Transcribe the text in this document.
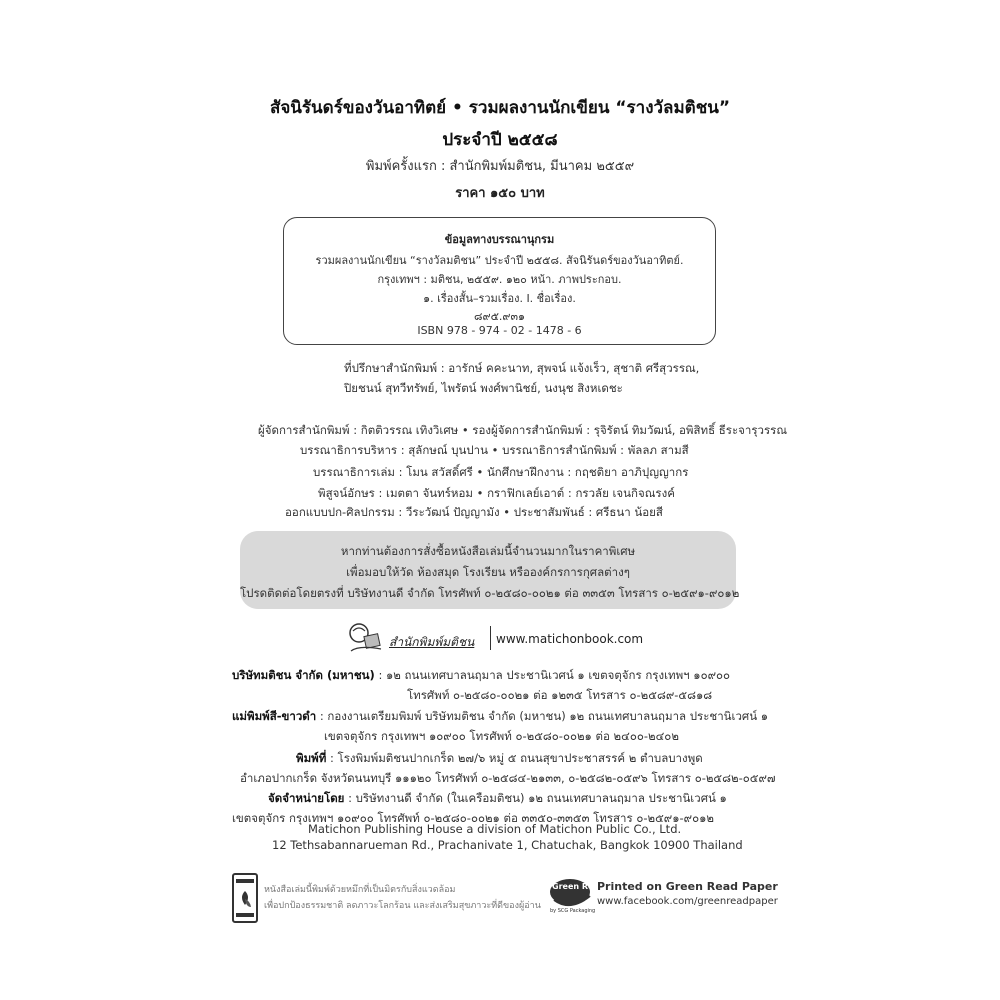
สัจนิรันดร์ของวันอาทิตย์ • รวมผลงานนักเขียน “รางวัลมติชน”
ประจำปี ๒๕๕๘
พิมพ์ครั้งแรก : สำนักพิมพ์มติชน, มีนาคม ๒๕๕๙
ราคา ๑๕๐ บาท
ข้อมูลทางบรรณานุกรม
รวมผลงานนักเขียน “รางวัลมติชน” ประจำปี ๒๕๕๘. สัจนิรันดร์ของวันอาทิตย์.
กรุงเทพฯ : มติชน, ๒๕๕๙. ๑๒๐ หน้า. ภาพประกอบ.
๑. เรื่องสั้น–รวมเรื่อง. I. ชื่อเรื่อง.
๘๙๕.๙๓๑
ISBN 978 - 974 - 02 - 1478 - 6
ที่ปรึกษาสำนักพิมพ์ : อารักษ์ คคะนาท, สุพจน์ แจ้งเร็ว, สุชาติ ศรีสุวรรณ,
ปิยชนน์ สุทวีทรัพย์, ไพรัตน์ พงศ์พานิชย์, นงนุช สิงหเดชะ
ผู้จัดการสำนักพิมพ์ : กิตติวรรณ เทิงวิเศษ • รองผู้จัดการสำนักพิมพ์ : รุจิรัตน์ ทิมวัฒน์, อพิสิทธิ์ ธีระจารุวรรณ
บรรณาธิการบริหาร : สุลักษณ์ บุนปาน • บรรณาธิการสำนักพิมพ์ : พัลลภ สามสี
บรรณาธิการเล่ม : โมน สวัสดิ์ศรี • นักศึกษาฝึกงาน : กฤชติยา อาภิปุญญากร
พิสูจน์อักษร : เมตตา จันทร์หอม • กราฟิกเลย์เอาต์ : กรวลัย เจนกิจณรงค์
ออกแบบปก-ศิลปกรรม : วีระวัฒน์ ปัญญามัง • ประชาสัมพันธ์ : ศรีธนา น้อยสี
หากท่านต้องการสั่งซื้อหนังสือเล่มนี้จำนวนมากในราคาพิเศษ
เพื่อมอบให้วัด ห้องสมุด โรงเรียน หรือองค์กรการกุศลต่างๆ
โปรดติดต่อโดยตรงที่ บริษัทงานดี จำกัด โทรศัพท์ ๐-๒๕๘๐-๐๐๒๑ ต่อ ๓๓๕๓ โทรสาร ๐-๒๕๙๑-๙๐๑๒
สำนักพิมพ์มติชน www.matichonbook.com
บริษัทมติชน จำกัด (มหาชน) : ๑๒ ถนนเทศบาลนฤมาล ประชานิเวศน์ ๑ เขตจตุจักร กรุงเทพฯ ๑๐๙๐๐
โทรศัพท์ ๐-๒๕๘๐-๐๐๒๑ ต่อ ๑๒๓๕ โทรสาร ๐-๒๕๘๙-๕๘๑๘
แม่พิมพ์สี-ขาวดำ : กองงานเตรียมพิมพ์ บริษัทมติชน จำกัด (มหาชน) ๑๒ ถนนเทศบาลนฤมาล ประชานิเวศน์ ๑
เขตจตุจักร กรุงเทพฯ ๑๐๙๐๐ โทรศัพท์ ๐-๒๕๘๐-๐๐๒๑ ต่อ ๒๔๐๐-๒๔๐๒
พิมพ์ที่ : โรงพิมพ์มติชนปากเกร็ด ๒๗/๖ หมู่ ๕ ถนนสุขาประชาสรรค์ ๒ ตำบลบางพูด
อำเภอปากเกร็ด จังหวัดนนทบุรี ๑๑๑๒๐ โทรศัพท์ ๐-๒๕๘๔-๒๑๓๓, ๐-๒๕๘๒-๐๕๙๖ โทรสาร ๐-๒๕๘๒-๐๕๙๗
จัดจำหน่ายโดย : บริษัทงานดี จำกัด (ในเครือมติชน) ๑๒ ถนนเทศบาลนฤมาล ประชานิเวศน์ ๑
เขตจตุจักร กรุงเทพฯ ๑๐๙๐๐ โทรศัพท์ ๐-๒๕๘๐-๐๐๒๑ ต่อ ๓๓๕๐-๓๓๕๓ โทรสาร ๐-๒๕๙๑-๙๐๑๒
Matichon Publishing House a division of Matichon Public Co., Ltd.
12 Tethsabannarueman Rd., Prachanivate 1, Chatuchak, Bangkok 10900 Thailand
หนังสือเล่มนี้พิมพ์ด้วยหมึกที่เป็นมิตรกับสิ่งแวดล้อม
เพื่อปกป้องธรรมชาติ ลดภาวะโลกร้อน และส่งเสริมสุขภาวะที่ดีของผู้อ่าน
Green Read
by SCG Packaging
Printed on Green Read Paper
www.facebook.com/greenreadpaper
